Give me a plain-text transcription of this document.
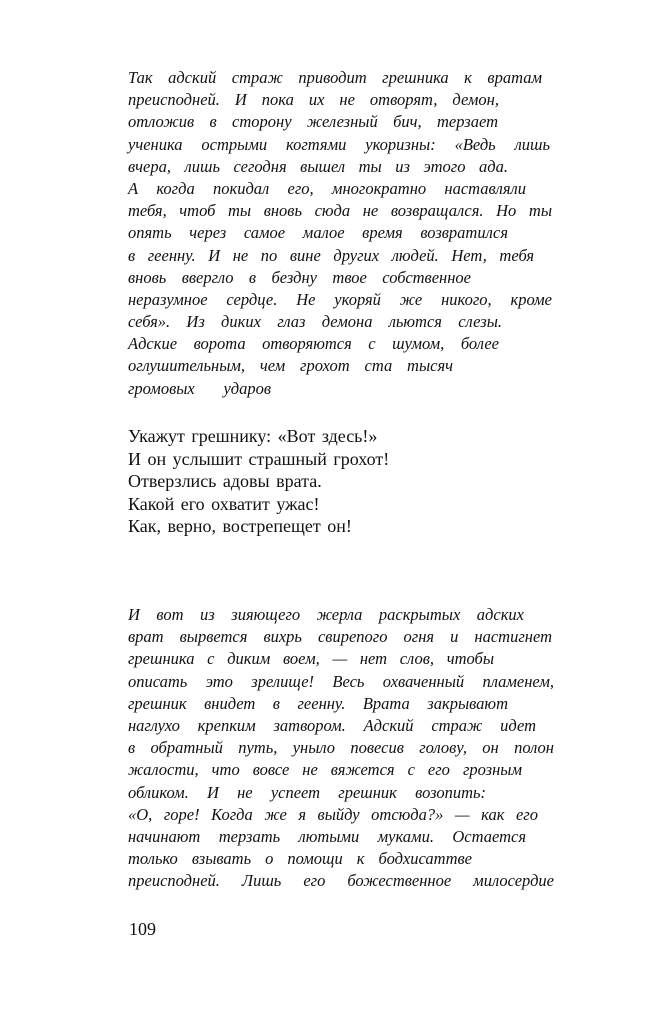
Так адский страж приводит грешника к вратам
преисподней. И пока их не отворят, демон,
отложив в сторону железный бич, терзает
ученика острыми когтями укоризны: «Ведь лишь
вчера, лишь сегодня вышел ты из этого ада.
А когда покидал его, многократно наставляли
тебя, чтоб ты вновь сюда не возвращался. Но ты
опять через самое малое время возвратился
в геенну. И не по вине других людей. Нет, тебя
вновь ввергло в бездну твое собственное
неразумное сердце. Не укоряй же никого, кроме
себя». Из диких глаз демона льются слезы.
Адские ворота отворяются с шумом, более
оглушительным, чем грохот ста тысяч
громовых ударов
Укажут грешнику: «Вот здесь!»
И он услышит страшный грохот!
Отверзлись адовы врата.
Какой его охватит ужас!
Как, верно, вострепещет он!
И вот из зияющего жерла раскрытых адских
врат вырвется вихрь свирепого огня и настигнет
грешника с диким воем, — нет слов, чтобы
описать это зрелище! Весь охваченный пламенем,
грешник внидет в геенну. Врата закрывают
наглухо крепким затвором. Адский страж идет
в обратный путь, уныло повесив голову, он полон
жалости, что вовсе не вяжется с его грозным
обликом. И не успеет грешник возопить:
«О, горе! Когда же я выйду отсюда?» — как его
начинают терзать лютыми муками. Остается
только взывать о помощи к бодхисаттве
преисподней. Лишь его божественное милосердие
109
